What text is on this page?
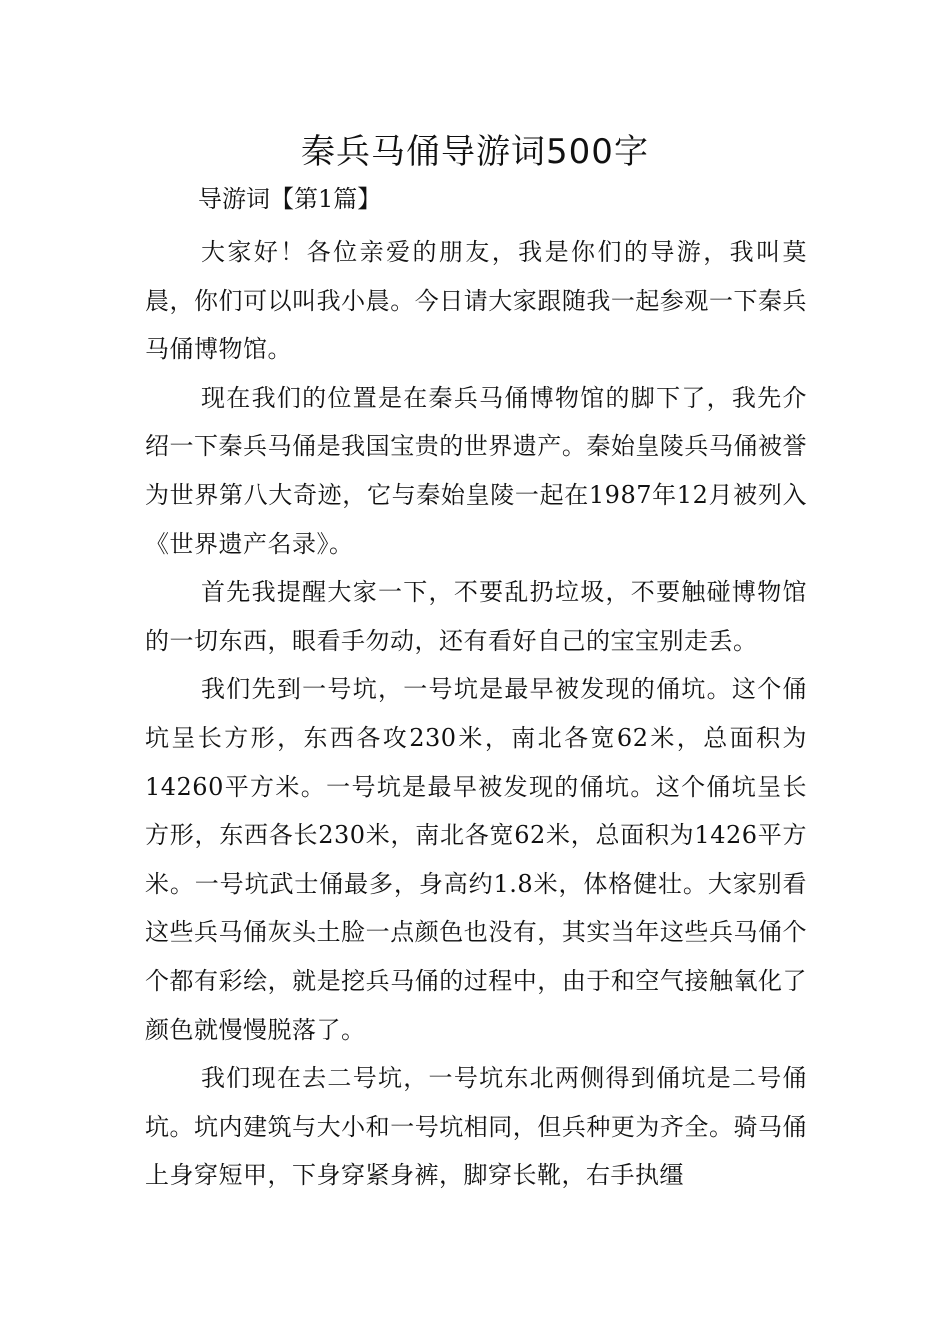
秦兵马俑导游词500字
导游词【第1篇】

大家好！各位亲爱的朋友，我是你们的导游，我叫莫晨，你们可以叫我小晨。今日请大家跟随我一起参观一下秦兵马俑博物馆。

现在我们的位置是在秦兵马俑博物馆的脚下了，我先介绍一下秦兵马俑是我国宝贵的世界遗产。秦始皇陵兵马俑被誉为世界第八大奇迹，它与秦始皇陵一起在1987年12月被列入《世界遗产名录》。

首先我提醒大家一下，不要乱扔垃圾，不要触碰博物馆的一切东西，眼看手勿动，还有看好自己的宝宝别走丢。

我们先到一号坑，一号坑是最早被发现的俑坑。这个俑坑呈长方形，东西各攻230米，南北各宽62米，总面积为14260平方米。一号坑是最早被发现的俑坑。这个俑坑呈长方形，东西各长230米，南北各宽62米，总面积为1426平方米。一号坑武士俑最多，身高约1.8米，体格健壮。大家别看这些兵马俑灰头土脸一点颜色也没有，其实当年这些兵马俑个个都有彩绘，就是挖兵马俑的过程中，由于和空气接触氧化了颜色就慢慢脱落了。

我们现在去二号坑，一号坑东北两侧得到俑坑是二号俑坑。坑内建筑与大小和一号坑相同，但兵种更为齐全。骑马俑上身穿短甲，下身穿紧身裤，脚穿长靴，右手执缰
